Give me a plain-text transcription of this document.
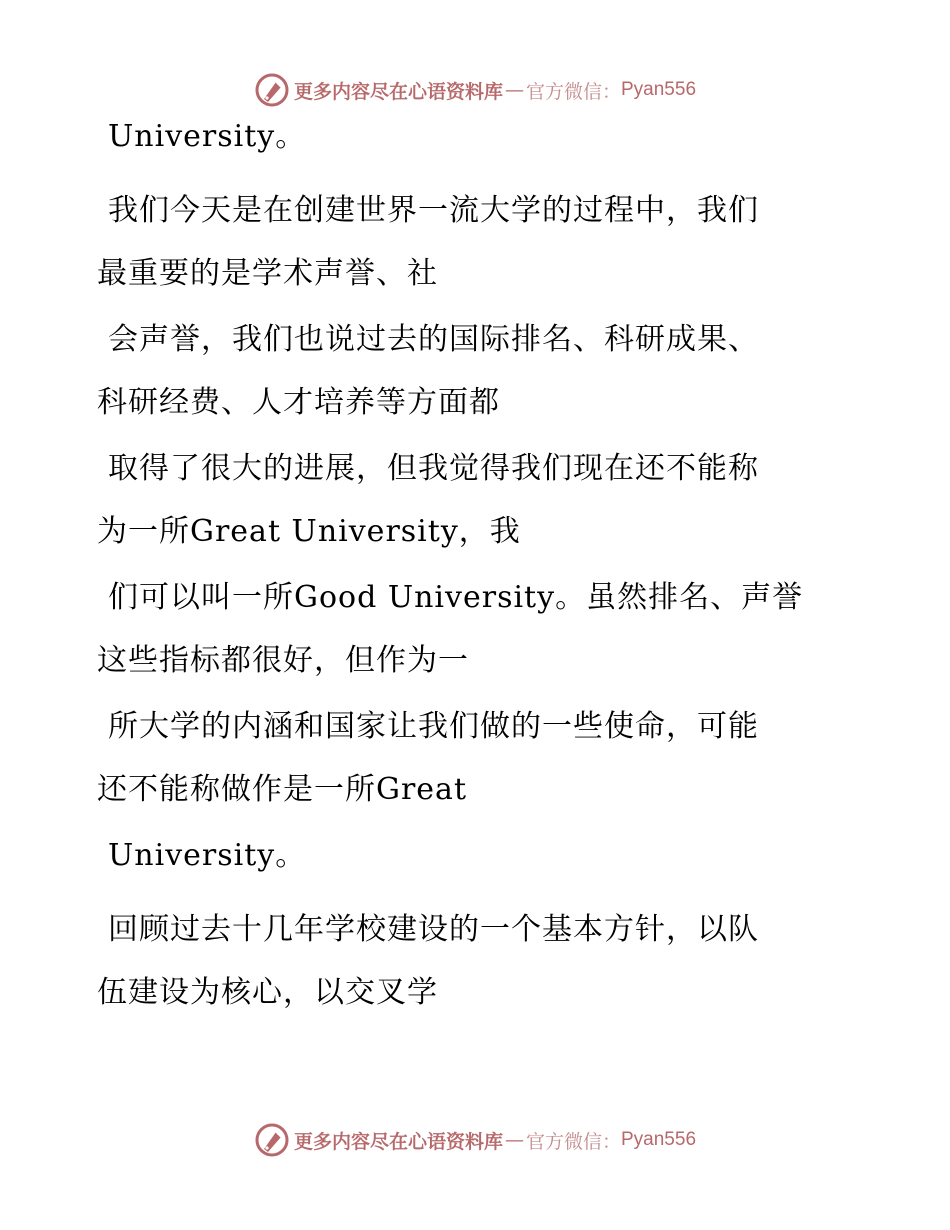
更多内容尽在心语资料库 — 官方微信： Pyan556

University。

我们今天是在创建世界一流大学的过程中，我们

最重要的是学术声誉、社

会声誉，我们也说过去的国际排名、科研成果、

科研经费、人才培养等方面都

取得了很大的进展，但我觉得我们现在还不能称

为一所Great University，我

们可以叫一所Good University。虽然排名、声誉

这些指标都很好，但作为一

所大学的内涵和国家让我们做的一些使命，可能

还不能称做作是一所Great

University。

回顾过去十几年学校建设的一个基本方针，以队

伍建设为核心，以交叉学

更多内容尽在心语资料库 — 官方微信： Pyan556
